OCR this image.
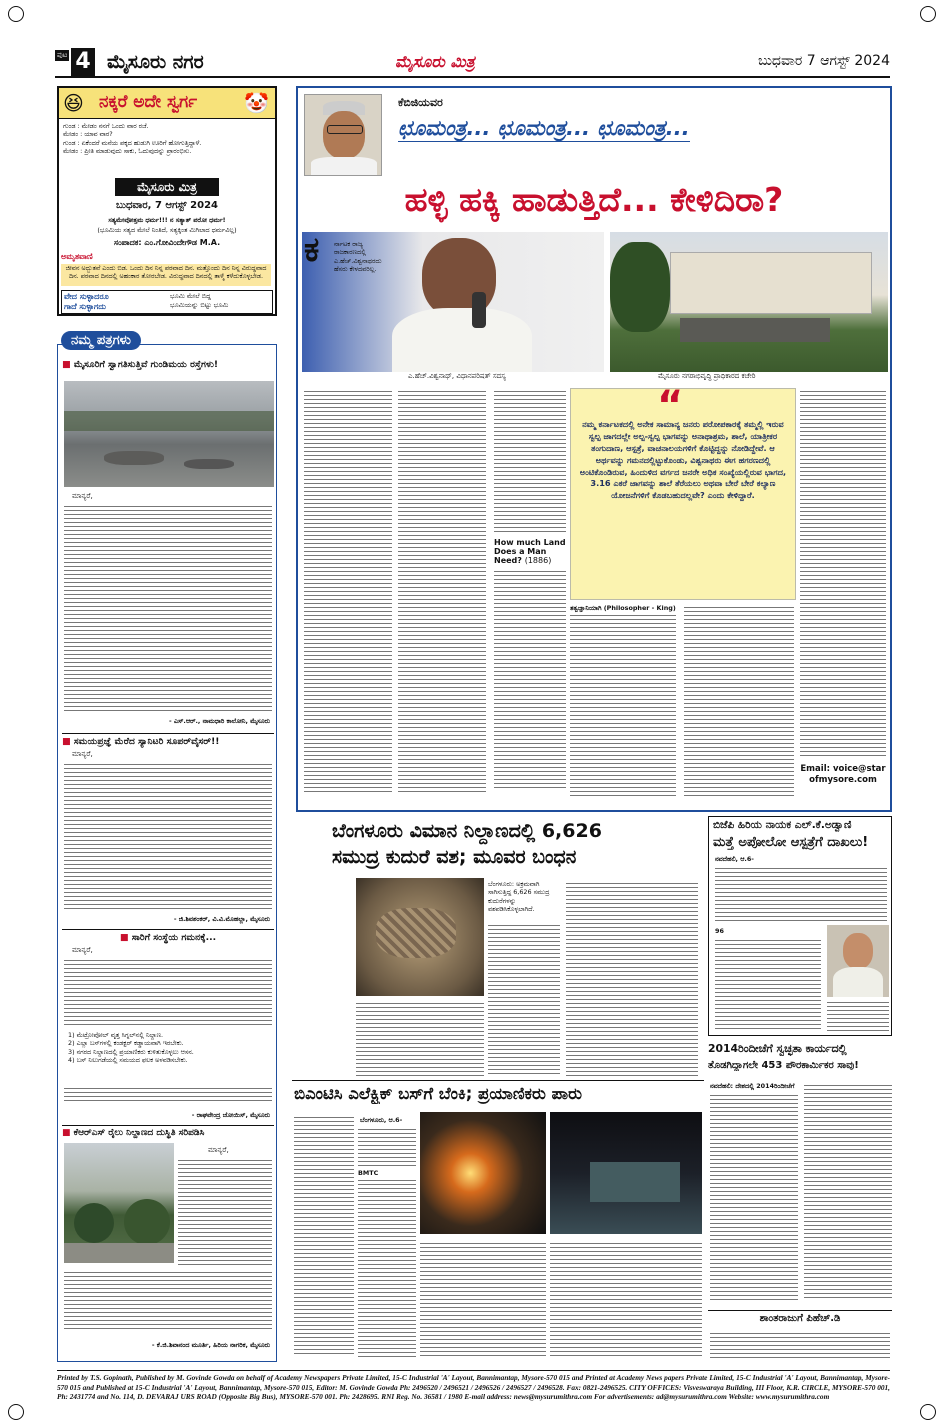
ಪುಟ 4 ಮೈಸೂರು ನಗರ	ಮೈಸೂರು ಮಿತ್ರ	ಬುಧವಾರ 7 ಆಗಸ್ಟ್ 2024
😆 ನಕ್ಕರೆ ಅದೇ ಸ್ವರ್ಗ 🤡
ಗುಂಡ : ಮೇಡಂ ನನಗೆ ಒಂದು ವಾರ ರಜೆ.
ಮೇಡಂ : ಯಾವ ವಾರ?
ಗುಂಡ : ಏಕೆಂದರೆ ಮನೆಯ ಪಕ್ಕದ ಹುಡುಗಿ ಊರಿಗೆ ಹೋಗುತ್ತಿದ್ದಾಳೆ.
ಮೇಡಂ : ಪ್ರೀತಿ ಮಾಡುವುದು ಸಾಕು, ಓದುವುದನ್ನು ಪ್ರಾರಂಭಿಸು.
ಮೈಸೂರು ಮಿತ್ರ
ಬುಧವಾರ, 7 ಆಗಸ್ಟ್ 2024
ಸತ್ಯಮೇವೋತ್ತಮ ಧರ್ಮ!!! ನ ಸತ್ಯಾತ್ ಪರೋ ಧರ್ಮ!
(ಭೂಮಿಯ ಸತ್ಯದ ಮೇಲೆ ನಿಂತಿದೆ, ಸತ್ಯಕ್ಕಿಂತ ಮಿಗಿಲಾದ ಧರ್ಮವಿಲ್ಲ)
ಸಂಪಾದಕ: ಎಂ.ಗೋವಿಂದೇಗೌಡ M.A.
ಅಮೃತವಾಣಿ
ಜೀವನ ಅದ್ಭುತವೆ ಎಂದು ಬಿಡ. ಒಂದು ದಿನ ನಿನ್ನ ಪರವಾದ ದಿನ. ಮತ್ತೊಂದು ದಿನ ನಿನ್ನ ವಿರುದ್ಧವಾದ ದಿನ. ಪರವಾದ ದಿನದಲ್ಲಿ ಅಹಂಕಾರ ತೋರಬೇಡ. ವಿರುದ್ಧವಾದ ದಿನದಲ್ಲಿ ತಾಳ್ಮೆ ಕಳೆದುಕೊಳ್ಳಬೇಡ.
ವೇದ ಸುಳ್ಳಾದರೂ
ಗಾದೆ ಸುಳ್ಳಾಗದು
ಭೂಮಿ ಮೇಲೆ ಬಿದ್ದ
ಭೂಮಿಯನ್ನು ಬಿಟ್ಟು ಭೂಮಿ
ನಮ್ಮ ಪತ್ರಗಳು
■ ಮೈಸೂರಿಗೆ ಸ್ವಾಗತಿಸುತ್ತಿವೆ ಗುಂಡಿಮಯ ರಸ್ತೆಗಳು!
ಮಾನ್ಯರೆ,
- ಎಸ್.ಆರ್., ನಾಮಧಾರಿ ಕಾಲೋನಿ, ಮೈಸೂರು
■ ಸಮಯಪ್ರಜ್ಞೆ ಮೆರೆದ ಸ್ಯಾನಿಟರಿ ಸೂಪರ್‌ವೈಸರ್!!
ಮಾನ್ಯರೆ,
- ಜಿ.ಶಿವಶಂಕರ್, ವಿ.ವಿ.ಮೊಹಲ್ಲಾ, ಮೈಸೂರು
■ ಸಾರಿಗೆ ಸಂಸ್ಥೆಯ ಗಮನಕ್ಕೆ...
ಮಾನ್ಯರೆ,
1) ಮೆಟ್ರೋಪೋಲ್ ವೃತ್ತ ಸಿಗ್ನಲ್‌ನಲ್ಲಿ ನಿಲ್ದಾಣ.
2) ಎಲ್ಲಾ ಬಸ್‌ಗಳಲ್ಲಿ ಕಂಡಕ್ಟರ್ ಕಡ್ಡಾಯವಾಗಿ ಇರಬೇಕು.
3) ನಗರದ ನಿಲ್ದಾಣದಲ್ಲಿ ಪ್ರಯಾಣಿಕರು ಕುಳಿತುಕೊಳ್ಳಲು ಆಸನ.
4) ಬಸ್ ನಿಲುಗಡೆಯಲ್ಲಿ ಸಮಯದ ಫಲಕ ಅಳವಡಿಸಬೇಕು.
- ರಾಘವೇಂದ್ರ ಜೋಯಿಸ್, ಮೈಸೂರು
■ ಕೆಆರ್‌ಎಸ್ ರೈಲು ನಿಲ್ದಾಣದ ದುಸ್ಥಿತಿ ಸರಿಪಡಿಸಿ
ಮಾನ್ಯರೆ,
- ಕೆ.ಜಿ.ಶಿವಾನಂದ ಮೂರ್ತಿ, ಹಿರಿಯ ನಾಗರಿಕ, ಮೈಸೂರು
ಕೆಬಿಜಿಯವರ
ಛೂಮಂತ್ರ... ಛೂಮಂತ್ರ... ಛೂಮಂತ್ರ...
ಹಳ್ಳಿ ಹಕ್ಕಿ ಹಾಡುತ್ತಿದೆ... ಕೇಳಿದಿರಾ?
ಎ.ಹೆಚ್.ವಿಶ್ವನಾಥ್, ವಿಧಾನಪರಿಷತ್ ಸದಸ್ಯ	ಮೈಸೂರು ನಗರಾಭಿವೃದ್ಧಿ ಪ್ರಾಧಿಕಾರದ ಕಚೇರಿ
ಕ ರ್ನಾಟಕ ರಾಜ್ಯ ರಾಜಕಾರಣದಲ್ಲಿ ಎ.ಹೆಚ್.ವಿಶ್ವನಾಥರದು ಹೆಸರು ಕೇಳದವರಿಲ್ಲ.
How much Land Does a Man Need? (1886)
“
ನಮ್ಮ ಕರ್ನಾಟಕದಲ್ಲಿ ಅನೇಕ ಸಾಮಾನ್ಯ ಜನರು ಪರೋಪಕಾರಕ್ಕೆ ತಮ್ಮಲ್ಲಿ ಇರುವ ಸ್ವಲ್ಪ ಜಾಗದಲ್ಲೇ ಅಲ್ಪ-ಸ್ವಲ್ಪ ಭಾಗವನ್ನು ಅನಾಥಾಶ್ರಮ, ಶಾಲೆ, ಯಾತ್ರೀಕರ ತಂಗುದಾಣ, ಆಸ್ಪತ್ರೆ, ವಾಚನಾಲಯಗಳಿಗೆ ಕೊಟ್ಟಿದ್ದನ್ನು ನೋಡಿದ್ದೇವೆ. ಆ ಅರ್ಥವನ್ನು ಗಮನದಲ್ಲಿಟ್ಟುಕೊಂಡು, ವಿಶ್ವನಾಥರು ಈಗ ಹಗರಣದಲ್ಲಿ ಅಂಟಿಕೊಂಡಿರುವ, ಹಿಂದುಳಿದ ವರ್ಗದ ಜನರೇ ಅಧಿಕ ಸಂಖ್ಯೆಯಲ್ಲಿರುವ ಭಾಗದ, 3.16 ಎಕರೆ ಜಾಗವನ್ನು ಶಾಲೆ ತೆರೆಯಲು ಅಥವಾ ಬೇರೆ ಬೇರೆ ಕಲ್ಯಾಣ ಯೋಜನೆಗಳಿಗೆ ಕೊಡಬಹುದಲ್ಲವೇ? ಎಂದು ಕೇಳಿದ್ದಾರೆ.
ತತ್ವಜ್ಞಾನಿಯಾಗಿ (Philosopher - King)
Email: voice@starofmysore.com
ಬೆಂಗಳೂರು ವಿಮಾನ ನಿಲ್ದಾಣದಲ್ಲಿ 6,626
ಸಮುದ್ರ ಕುದುರೆ ವಶ; ಮೂವರ ಬಂಧನ
ಬೆಂಗಳೂರು: ಅಕ್ರಮವಾಗಿ ಸಾಗಿಸುತ್ತಿದ್ದ 6,626 ಸಮುದ್ರ ಕುದುರೆಗಳನ್ನು ವಶಪಡಿಸಿಕೊಳ್ಳಲಾಗಿದೆ.
ಬಿಎಂಟಿಸಿ ಎಲೆಕ್ಟ್ರಿಕ್ ಬಸ್‌ಗೆ ಬೆಂಕಿ; ಪ್ರಯಾಣಿಕರು ಪಾರು
ಬೆಂಗಳೂರು, ಆ.6-
BMTC
ಬಿಜೆಪಿ ಹಿರಿಯ ನಾಯಕ ಎಲ್.ಕೆ.ಅಡ್ವಾಣಿ
ಮತ್ತೆ ಅಪೋಲೋ ಆಸ್ಪತ್ರೆಗೆ ದಾಖಲು!
ನವದೆಹಲಿ, ಆ.6-
96
2014ರಿಂದೀಚೆಗೆ ಸ್ವಚ್ಛತಾ ಕಾರ್ಯದಲ್ಲಿ
ತೊಡಗಿದ್ದಾಗಲೇ 453 ಪೌರಕಾರ್ಮಿಕರ ಸಾವು!
ನವದೆಹಲಿ: ದೇಶದಲ್ಲಿ 2014ರಿಂದೀಚೆಗೆ
ಶಾಂತರಾಜುಗೆ ಪಿಹೆಚ್.ಡಿ
Printed by T.S. Gopinath, Published by M. Govinde Gowda on behalf of Academy Newspapers Private Limited, 15-C Industrial 'A' Layout, Bannimantap, Mysore-570 015 and Printed at Academy News papers Private Limited, 15-C Industrial 'A' Layout, Bannimantap, Mysore-570 015 and Published at 15-C Industrial 'A' Layout, Bannimantap, Mysore-570 015, Editor: M. Govinde Gowda Ph: 2496520 / 2496521 / 2496526 / 2496527 / 2496528. Fax: 0821-2496525. CITY OFFICES: Visveswaraya Building, III Floor, K.R. CIRCLE, MYSORE-570 001, Ph: 2431774 and No. 114, D. DEVARAJ URS ROAD (Opposite Big Bus), MYSORE-570 001. Ph: 2428695. RNI Reg. No. 36581 / 1980 E-mail address: news@mysurumithra.com For advertisements: ad@mysurumithra.com Website: www.mysurumithra.com
